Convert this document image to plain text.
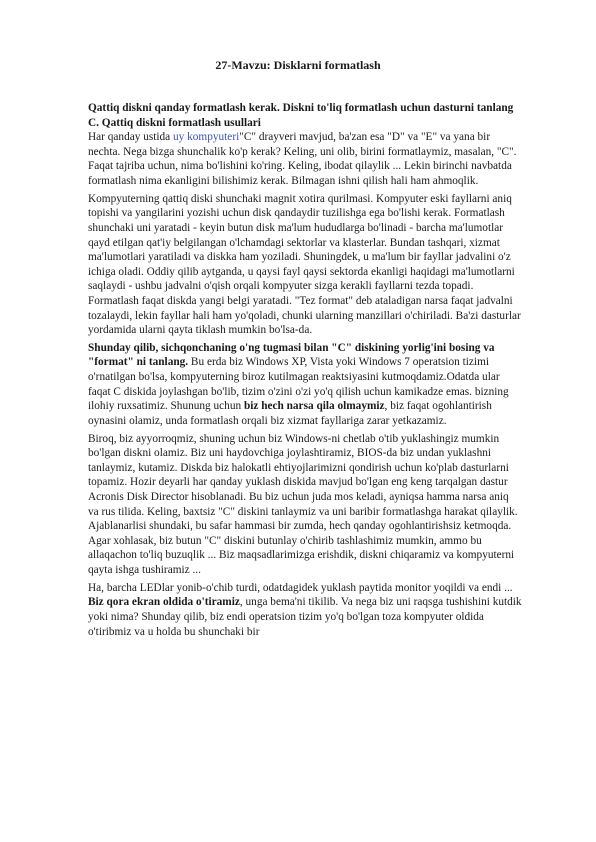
27-Mavzu: Disklarni formatlash

Qattiq diskni qanday formatlash kerak. Diskni to'liq formatlash uchun dasturni tanlang C. Qattiq diskni formatlash usullari
Har qanday ustida uy kompyuteri"C" drayveri mavjud, ba'zan esa "D" va "E" va yana bir nechta. Nega bizga shunchalik ko'p kerak? Keling, uni olib, birini formatlaymiz, masalan, "C". Faqat tajriba uchun, nima bo'lishini ko'ring. Keling, ibodat qilaylik ... Lekin birinchi navbatda formatlash nima ekanligini bilishimiz kerak. Bilmagan ishni qilish hali ham ahmoqlik.

Kompyuterning qattiq diski shunchaki magnit xotira qurilmasi. Kompyuter eski fayllarni aniq topishi va yangilarini yozishi uchun disk qandaydir tuzilishga ega bo'lishi kerak. Formatlash shunchaki uni yaratadi - keyin butun disk ma'lum hududlarga bo'linadi - barcha ma'lumotlar qayd etilgan qat'iy belgilangan o'lchamdagi sektorlar va klasterlar. Bundan tashqari, xizmat ma'lumotlari yaratiladi va diskka ham yoziladi. Shuningdek, u ma'lum bir fayllar jadvalini o'z ichiga oladi. Oddiy qilib aytganda, u qaysi fayl qaysi sektorda ekanligi haqidagi ma'lumotlarni saqlaydi - ushbu jadvalni o'qish orqali kompyuter sizga kerakli fayllarni tezda topadi. Formatlash faqat diskda yangi belgi yaratadi. "Tez format" deb ataladigan narsa faqat jadvalni tozalaydi, lekin fayllar hali ham yo'qoladi, chunki ularning manzillari o'chiriladi. Ba'zi dasturlar yordamida ularni qayta tiklash mumkin bo'lsa-da.

Shunday qilib, sichqonchaning o'ng tugmasi bilan "C" diskining yorlig'ini bosing va "format" ni tanlang. Bu erda biz Windows XP, Vista yoki Windows 7 operatsion tizimi o'rnatilgan bo'lsa, kompyuterning biroz kutilmagan reaktsiyasini kutmoqdamiz.Odatda ular faqat C diskida joylashgan bo'lib, tizim o'zini o'zi yo'q qilish uchun kamikadze emas. bizning ilohiy ruxsatimiz. Shunung uchun biz hech narsa qila olmaymiz, biz faqat ogohlantirish oynasini olamiz, unda formatlash orqali biz xizmat fayllariga zarar yetkazamiz.

Biroq, biz ayyorroqmiz, shuning uchun biz Windows-ni chetlab o'tib yuklashingiz mumkin bo'lgan diskni olamiz. Biz uni haydovchiga joylashtiramiz, BIOS-da biz undan yuklashni tanlaymiz, kutamiz. Diskda biz halokatli ehtiyojlarimizni qondirish uchun ko'plab dasturlarni topamiz. Hozir deyarli har qanday yuklash diskida mavjud bo'lgan eng keng tarqalgan dastur Acronis Disk Director hisoblanadi. Bu biz uchun juda mos keladi, ayniqsa hamma narsa aniq va rus tilida. Keling, baxtsiz "C" diskini tanlaymiz va uni baribir formatlashga harakat qilaylik. Ajablanarlisi shundaki, bu safar hammasi bir zumda, hech qanday ogohlantirishsiz ketmoqda. Agar xohlasak, biz butun "C" diskini butunlay o'chirib tashlashimiz mumkin, ammo bu allaqachon to'liq buzuqlik ... Biz maqsadlarimizga erishdik, diskni chiqaramiz va kompyuterni qayta ishga tushiramiz ...

Ha, barcha LEDlar yonib-o'chib turdi, odatdagidek yuklash paytida monitor yoqildi va endi ... Biz qora ekran oldida o'tiramiz, unga bema'ni tikilib. Va nega biz uni raqsga tushishini kutdik yoki nima? Shunday qilib, biz endi operatsion tizim yo'q bo'lgan toza kompyuter oldida o'tiribmiz va u holda bu shunchaki bir
